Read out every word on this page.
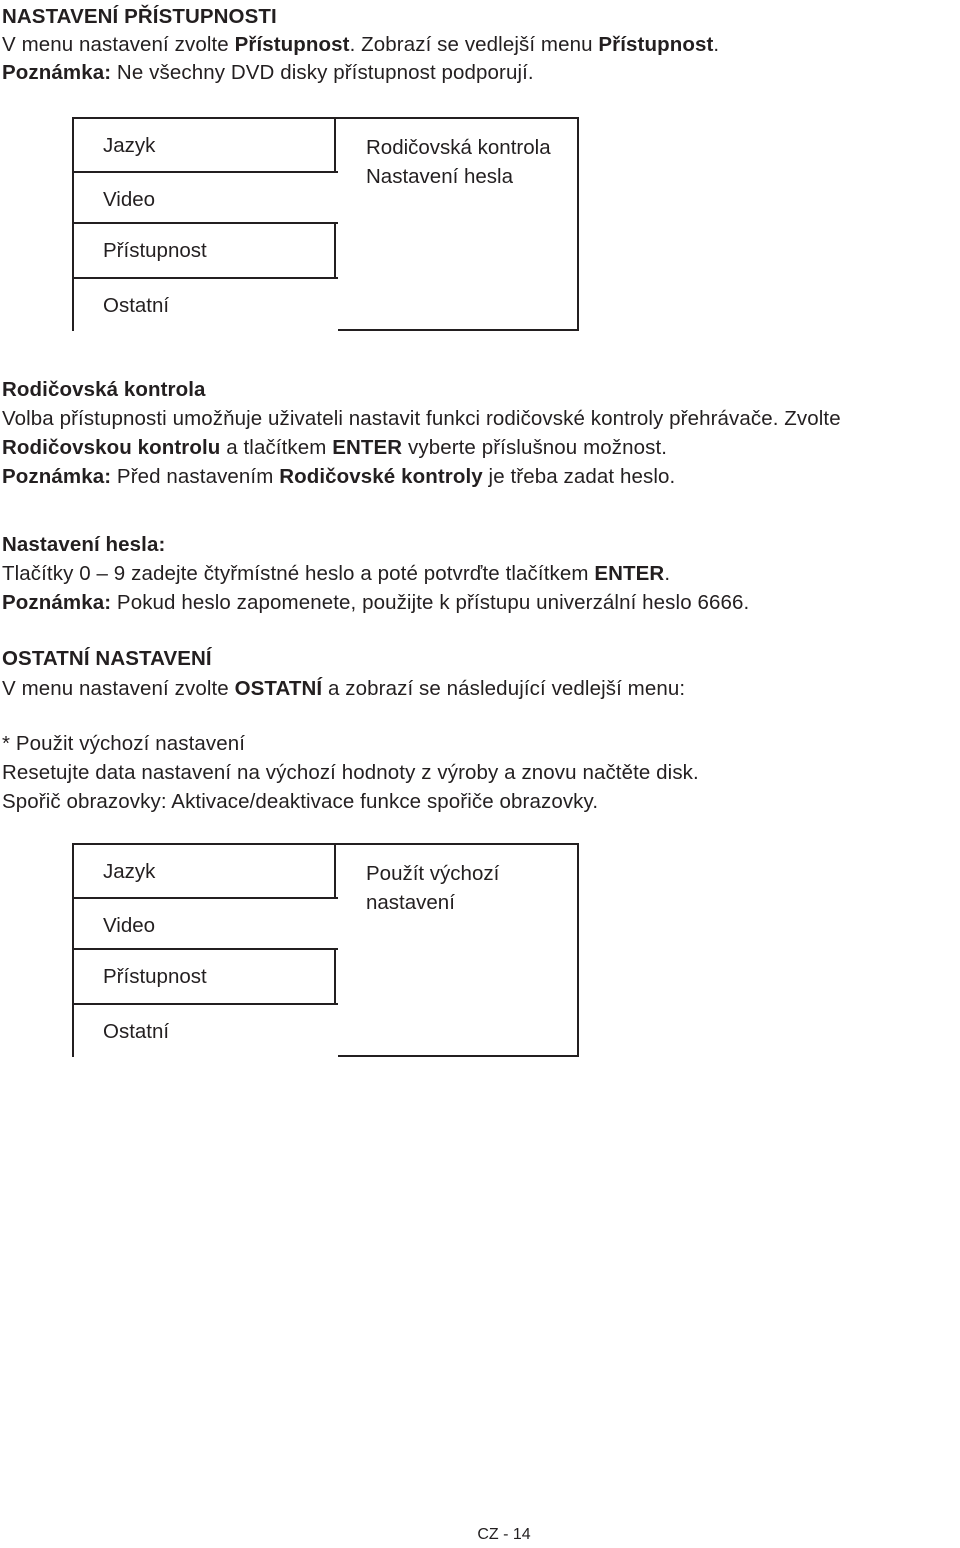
NASTAVENÍ PŘÍSTUPNOSTI
V menu nastavení zvolte Přístupnost. Zobrazí se vedlejší menu Přístupnost.
Poznámka: Ne všechny DVD disky přístupnost podporují.
Jazyk
Video
Přístupnost
Ostatní
Rodičovská kontrola
Nastavení hesla
Rodičovská kontrola
Volba přístupnosti umožňuje uživateli nastavit funkci rodičovské kontroly přehrávače. Zvolte
Rodičovskou kontrolu a tlačítkem ENTER vyberte příslušnou možnost.
Poznámka: Před nastavením Rodičovské kontroly je třeba zadat heslo.
Nastavení hesla:
Tlačítky 0 – 9 zadejte čtyřmístné heslo a poté potvrďte tlačítkem ENTER.
Poznámka: Pokud heslo zapomenete, použijte k přístupu univerzální heslo 6666.
OSTATNÍ NASTAVENÍ
V menu nastavení zvolte OSTATNÍ a zobrazí se následující vedlejší menu:
* Použit výchozí nastavení
Resetujte data nastavení na výchozí hodnoty z výroby a znovu načtěte disk.
Spořič obrazovky: Aktivace/deaktivace funkce spořiče obrazovky.
Jazyk
Video
Přístupnost
Ostatní
Použít výchozí
nastavení
CZ - 14
